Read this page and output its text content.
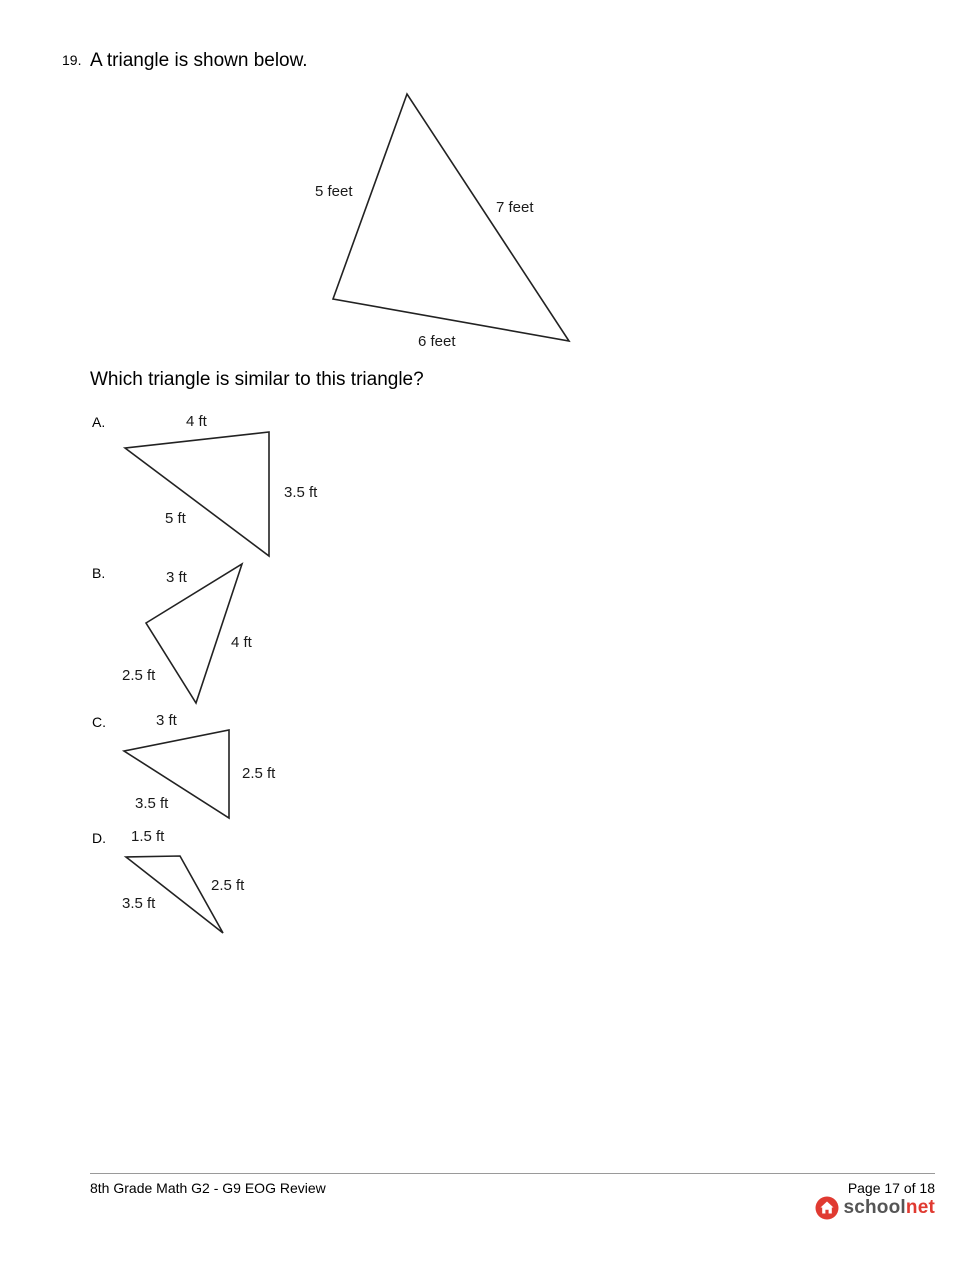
19. A triangle is shown below.
5 feet
7 feet
6 feet
4 ft
3.5 ft
5 ft
3 ft
4 ft
2.5 ft
3 ft
2.5 ft
3.5 ft
1.5 ft
2.5 ft
3.5 ft
Which triangle is similar to this triangle?
A.
B.
C.
D.
8th Grade Math G2 - G9 EOG Review	Page 17 of 18
schoolnet
